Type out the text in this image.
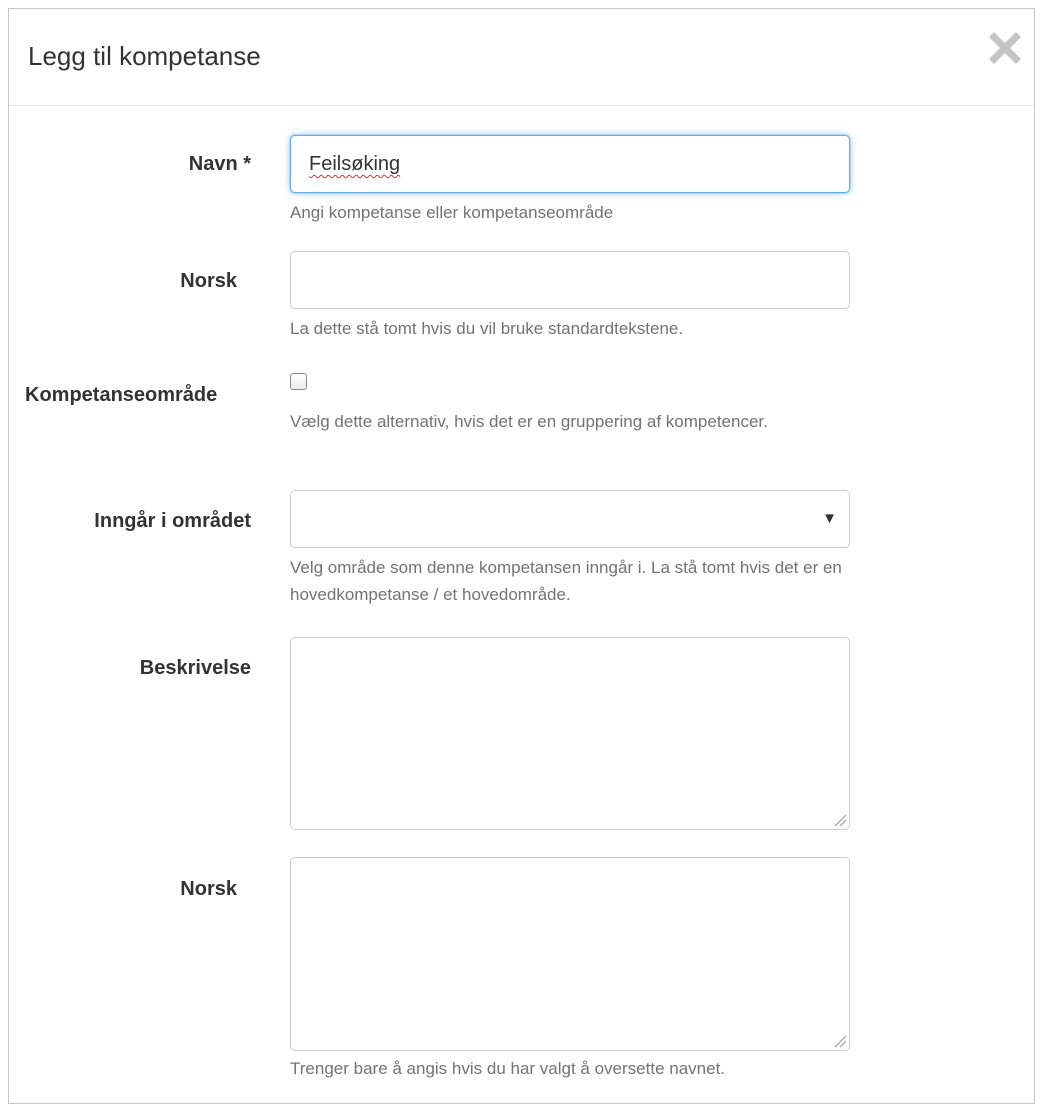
Legg til kompetanse
Navn *	Feilsøking
Angi kompetanse eller kompetanseområde
Norsk
La dette stå tomt hvis du vil bruke standardtekstene.
Kompetanseområde
Vælg dette alternativ, hvis det er en gruppering af kompetencer.
Inngår i området	▼
Velg område som denne kompetansen inngår i. La stå tomt hvis det er en hovedkompetanse / et hovedområde.
Beskrivelse
Norsk
Trenger bare å angis hvis du har valgt å oversette navnet.
